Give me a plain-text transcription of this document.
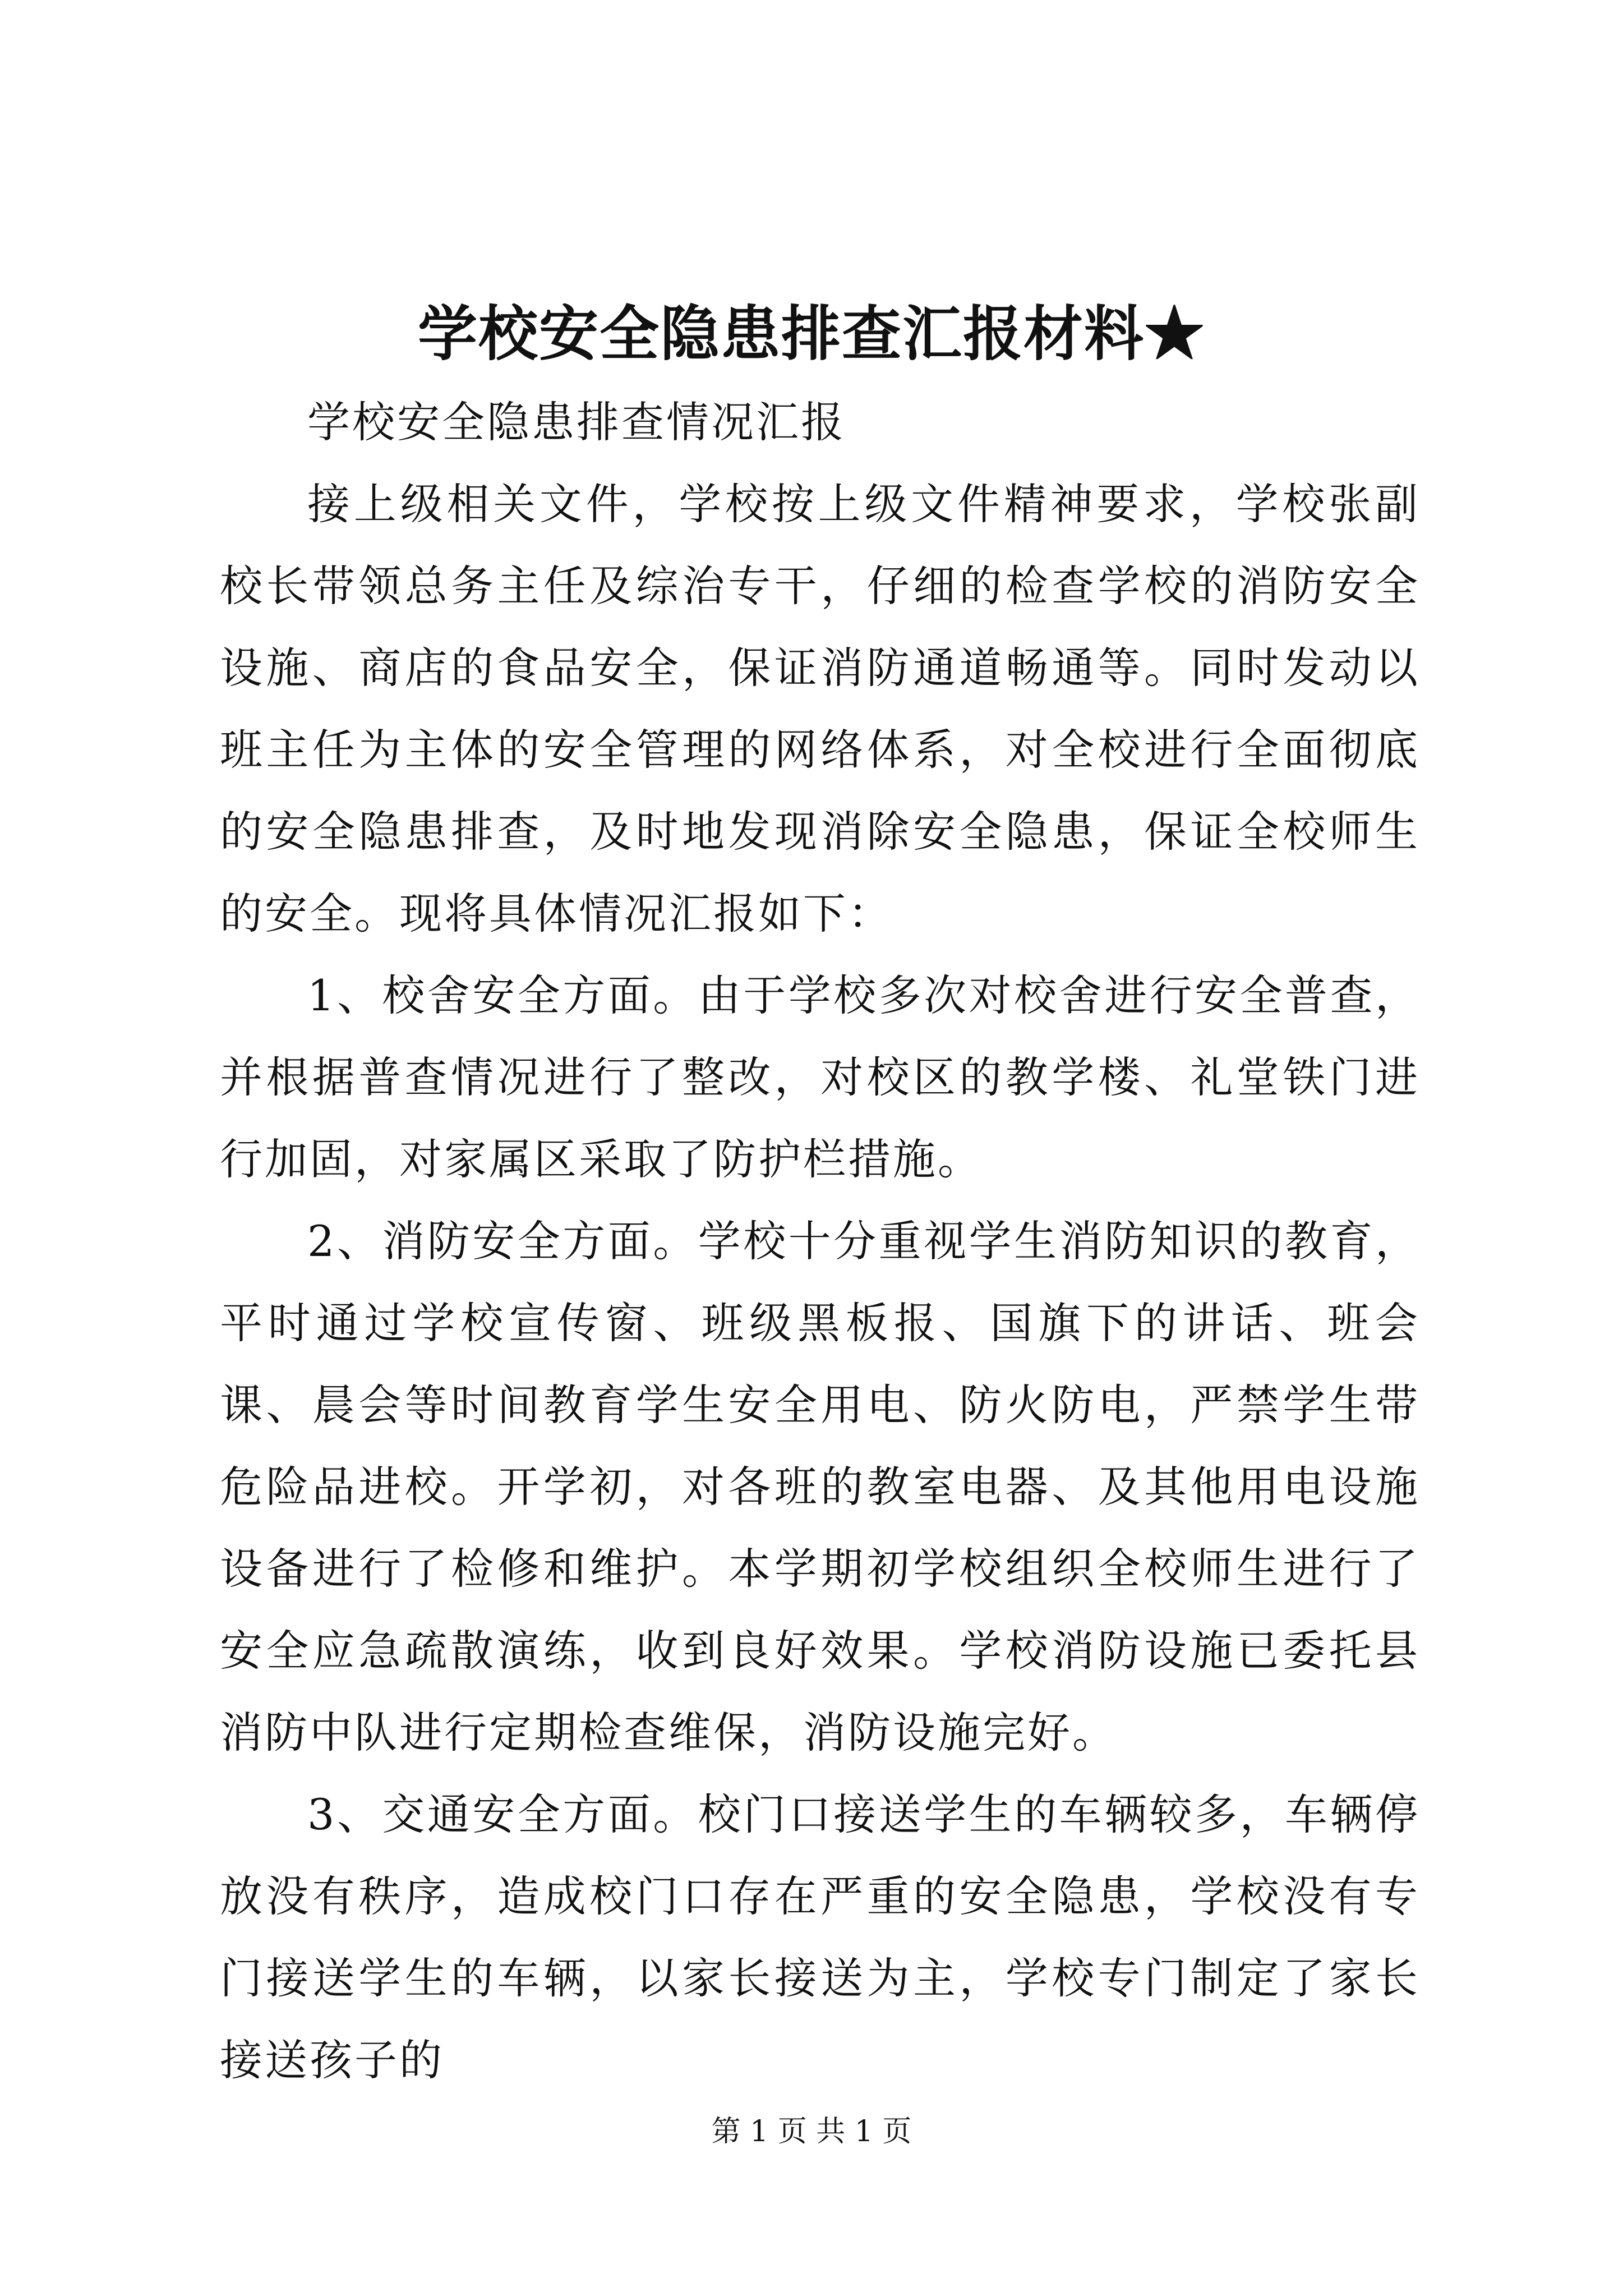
学校安全隐患排查汇报材料★

学校安全隐患排查情况汇报

接上级相关文件，学校按上级文件精神要求，学校张副校长带领总务主任及综治专干，仔细的检查学校的消防安全设施、商店的食品安全，保证消防通道畅通等。同时发动以班主任为主体的安全管理的网络体系，对全校进行全面彻底的安全隐患排查，及时地发现消除安全隐患，保证全校师生的安全。现将具体情况汇报如下：

1、校舍安全方面。由于学校多次对校舍进行安全普查，并根据普查情况进行了整改，对校区的教学楼、礼堂铁门进行加固，对家属区采取了防护栏措施。

2、消防安全方面。学校十分重视学生消防知识的教育，平时通过学校宣传窗、班级黑板报、国旗下的讲话、班会课、晨会等时间教育学生安全用电、防火防电，严禁学生带危险品进校。开学初，对各班的教室电器、及其他用电设施设备进行了检修和维护。本学期初学校组织全校师生进行了安全应急疏散演练，收到良好效果。学校消防设施已委托县消防中队进行定期检查维保，消防设施完好。

3、交通安全方面。校门口接送学生的车辆较多，车辆停放没有秩序，造成校门口存在严重的安全隐患，学校没有专门接送学生的车辆，以家长接送为主，学校专门制定了家长接送孩子的

第 1 页 共 1 页
